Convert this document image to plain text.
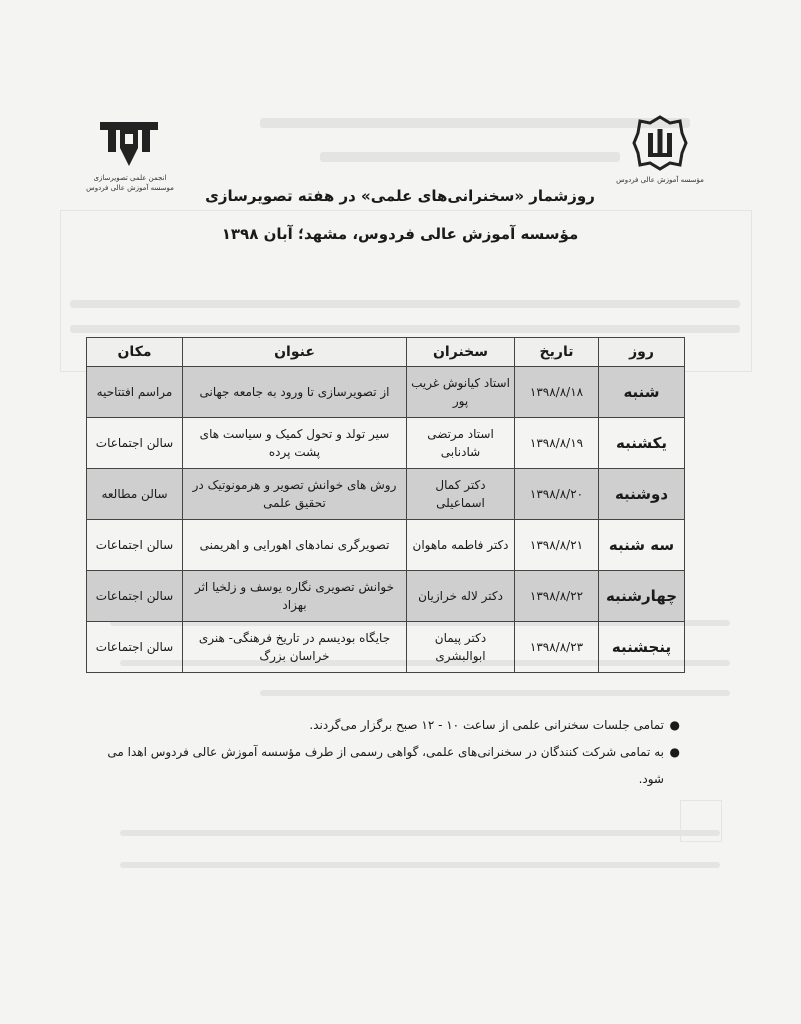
مؤسسه آموزش عالی فردوس
انجمن علمی تصویرسازی
موسسه آموزش عالی فردوس	روزشمار «سخنرانی‌های علمی» در هفته تصویرسازی
مؤسسه آموزش عالی فردوس، مشهد؛ آبان ۱۳۹۸
روز	تاریخ	سخنران	عنوان	مکان
شنبه	۱۳۹۸/۸/۱۸	استاد کیانوش غریب پور	از تصویرسازی تا ورود به جامعه جهانی	مراسم افتتاحیه
یکشنبه	۱۳۹۸/۸/۱۹	استاد مرتضی شادنابی	سیر تولد و تحول کمیک و سیاست های پشت پرده	سالن اجتماعات
دوشنبه	۱۳۹۸/۸/۲۰	دکتر کمال اسماعیلی	روش های خوانش تصویر و هرمونوتیک در تحقیق علمی	سالن مطالعه
سه شنبه	۱۳۹۸/۸/۲۱	دکتر فاطمه ماهوان	تصویرگری نمادهای اهورایی و اهریمنی	سالن اجتماعات
چهارشنبه	۱۳۹۸/۸/۲۲	دکتر لاله خرازیان	خوانش تصویری نگاره یوسف و زلخیا اثر بهزاد	سالن اجتماعات
پنجشنبه	۱۳۹۸/۸/۲۳	دکتر پیمان ابوالبشری	جایگاه بودیسم در تاریخ فرهنگی- هنری خراسان بزرگ	سالن اجتماعات
●
تمامی جلسات سخنرانی علمی از ساعت ۱۰ - ۱۲ صبح برگزار می‌گردند.
●
به تمامی شرکت کنندگان در سخنرانی‌های علمی، گواهی رسمی از طرف مؤسسه آموزش عالی فردوس اهدا می شود.
